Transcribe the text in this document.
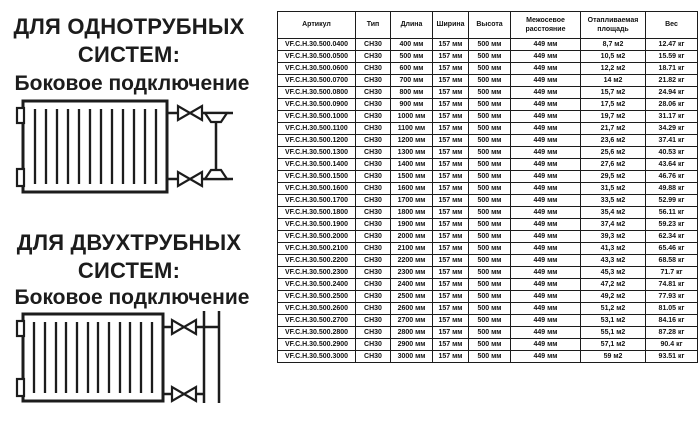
ДЛЯ ОДНОТРУБНЫХ СИСТЕМ:
Боковое подключение
ДЛЯ ДВУХТРУБНЫХ СИСТЕМ:
Боковое подключение
Артикул	Тип	Длина	Ширина	Высота	Межосевое расстояние	Отапливаемая площадь	Вес
VF.C.H.30.500.0400	CH30	400 мм	157 мм	500 мм	449 мм	8,7 м2	12.47 кг
VF.C.H.30.500.0500	CH30	500 мм	157 мм	500 мм	449 мм	10,5 м2	15.59 кг
VF.C.H.30.500.0600	CH30	600 мм	157 мм	500 мм	449 мм	12,2 м2	18.71 кг
VF.C.H.30.500.0700	CH30	700 мм	157 мм	500 мм	449 мм	14 м2	21.82 кг
VF.C.H.30.500.0800	CH30	800 мм	157 мм	500 мм	449 мм	15,7 м2	24.94 кг
VF.C.H.30.500.0900	CH30	900 мм	157 мм	500 мм	449 мм	17,5 м2	28.06 кг
VF.C.H.30.500.1000	CH30	1000 мм	157 мм	500 мм	449 мм	19,7 м2	31.17 кг
VF.C.H.30.500.1100	CH30	1100 мм	157 мм	500 мм	449 мм	21,7 м2	34.29 кг
VF.C.H.30.500.1200	CH30	1200 мм	157 мм	500 мм	449 мм	23,6 м2	37.41 кг
VF.C.H.30.500.1300	CH30	1300 мм	157 мм	500 мм	449 мм	25,6 м2	40.53 кг
VF.C.H.30.500.1400	CH30	1400 мм	157 мм	500 мм	449 мм	27,6 м2	43.64 кг
VF.C.H.30.500.1500	CH30	1500 мм	157 мм	500 мм	449 мм	29,5 м2	46.76 кг
VF.C.H.30.500.1600	CH30	1600 мм	157 мм	500 мм	449 мм	31,5 м2	49.88 кг
VF.C.H.30.500.1700	CH30	1700 мм	157 мм	500 мм	449 мм	33,5 м2	52.99 кг
VF.C.H.30.500.1800	CH30	1800 мм	157 мм	500 мм	449 мм	35,4 м2	56.11 кг
VF.C.H.30.500.1900	CH30	1900 мм	157 мм	500 мм	449 мм	37,4 м2	59.23 кг
VF.C.H.30.500.2000	CH30	2000 мм	157 мм	500 мм	449 мм	39,3 м2	62.34 кг
VF.C.H.30.500.2100	CH30	2100 мм	157 мм	500 мм	449 мм	41,3 м2	65.46 кг
VF.C.H.30.500.2200	CH30	2200 мм	157 мм	500 мм	449 мм	43,3 м2	68.58 кг
VF.C.H.30.500.2300	CH30	2300 мм	157 мм	500 мм	449 мм	45,3 м2	71.7 кг
VF.C.H.30.500.2400	CH30	2400 мм	157 мм	500 мм	449 мм	47,2 м2	74.81 кг
VF.C.H.30.500.2500	CH30	2500 мм	157 мм	500 мм	449 мм	49,2 м2	77.93 кг
VF.C.H.30.500.2600	CH30	2600 мм	157 мм	500 мм	449 мм	51,2 м2	81.05 кг
VF.C.H.30.500.2700	CH30	2700 мм	157 мм	500 мм	449 мм	53,1 м2	84.16 кг
VF.C.H.30.500.2800	CH30	2800 мм	157 мм	500 мм	449 мм	55,1 м2	87.28 кг
VF.C.H.30.500.2900	CH30	2900 мм	157 мм	500 мм	449 мм	57,1 м2	90.4 кг
VF.C.H.30.500.3000	CH30	3000 мм	157 мм	500 мм	449 мм	59 м2	93.51 кг
